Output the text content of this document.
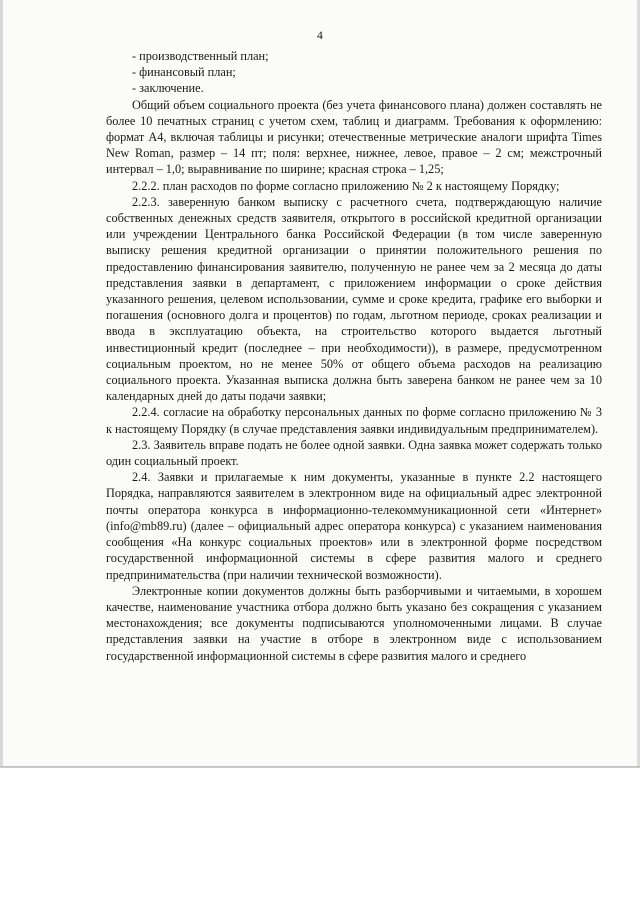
4

- производственный план;

- финансовый план;

- заключение.

Общий объем социального проекта (без учета финансового плана) должен составлять не более 10 печатных страниц с учетом схем, таблиц и диаграмм. Требования к оформлению: формат А4, включая таблицы и рисунки; отечественные метрические аналоги шрифта Times New Roman, размер – 14 пт; поля: верхнее, нижнее, левое, правое – 2 см; межстрочный интервал – 1,0; выравнивание по ширине; красная строка – 1,25;

2.2.2. план расходов по форме согласно приложению № 2 к настоящему Порядку;

2.2.3. заверенную банком выписку с расчетного счета, подтверждающую наличие собственных денежных средств заявителя, открытого в российской кредитной организации или учреждении Центрального банка Российской Федерации (в том числе заверенную выписку решения кредитной организации о принятии положительного решения по предоставлению финансирования заявителю, полученную не ранее чем за 2 месяца до даты представления заявки в департамент, с приложением информации о сроке действия указанного решения, целевом использовании, сумме и сроке кредита, графике его выборки и погашения (основного долга и процентов) по годам, льготном периоде, сроках реализации и ввода в эксплуатацию объекта, на строительство которого выдается льготный инвестиционный кредит (последнее – при необходимости)), в размере, предусмотренном социальным проектом, но не менее 50% от общего объема расходов на реализацию социального проекта. Указанная выписка должна быть заверена банком не ранее чем за 10 календарных дней до даты подачи заявки;

2.2.4. согласие на обработку персональных данных по форме согласно приложению № 3 к настоящему Порядку (в случае представления заявки индивидуальным предпринимателем).

2.3. Заявитель вправе подать не более одной заявки. Одна заявка может содержать только один социальный проект.

2.4. Заявки и прилагаемые к ним документы, указанные в пункте 2.2 настоящего Порядка, направляются заявителем в электронном виде на официальный адрес электронной почты оператора конкурса в информационно-телекоммуникационной сети «Интернет» (info@mb89.ru) (далее – официальный адрес оператора конкурса) с указанием наименования сообщения «На конкурс социальных проектов» или в электронной форме посредством государственной информационной системы в сфере развития малого и среднего предпринимательства (при наличии технической возможности).

Электронные копии документов должны быть разборчивыми и читаемыми, в хорошем качестве, наименование участника отбора должно быть указано без сокращения с указанием местонахождения; все документы подписываются уполномоченными лицами. В случае представления заявки на участие в отборе в электронном виде с использованием государственной информационной системы в сфере развития малого и среднего
